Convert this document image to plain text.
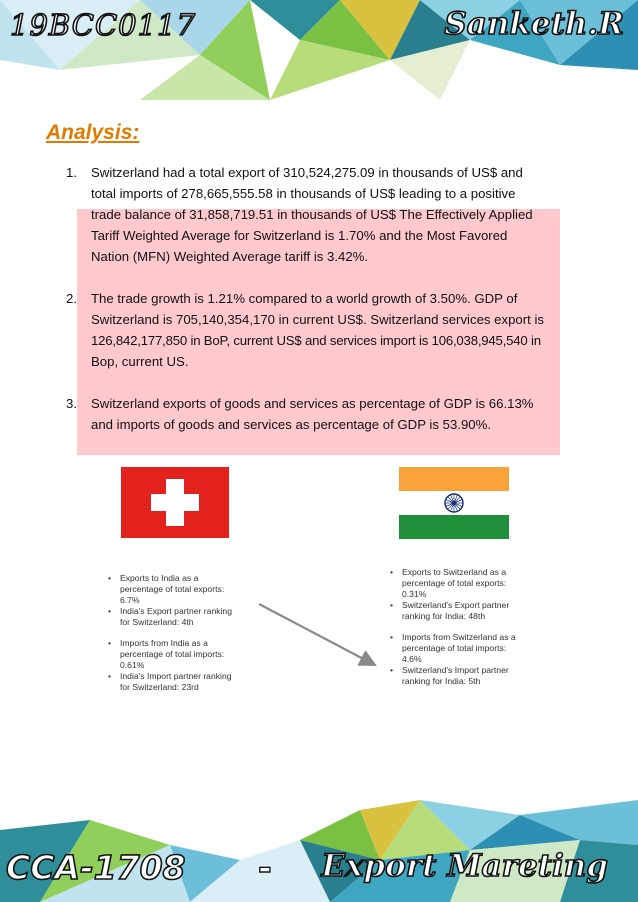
19BCC0117	Sanketh.R
Analysis:
1. Switzerland had a total export of 310,524,275.09 in thousands of US$ and
total imports of 278,665,555.58 in thousands of US$ leading to a positive
trade balance of 31,858,719.51 in thousands of US$ The Effectively Applied
Tariff Weighted Average for Switzerland is 1.70% and the Most Favored
Nation (MFN) Weighted Average tariff is 3.42%.
2. The trade growth is 1.21% compared to a world growth of 3.50%. GDP of
Switzerland is 705,140,354,170 in current US$. Switzerland services export is
126,842,177,850 in BoP, current US$ and services import is 106,038,945,540 in
Bop, current US.
3. Switzerland exports of goods and services as percentage of GDP is 66.13%
and imports of goods and services as percentage of GDP is 53.90%.
• Exports to India as a
percentage of total exports:
6.7%
• India's Export partner ranking
for Switzerland: 4th
• Imports from India as a
percentage of total imports:
0.61%
• India's Import partner ranking
for Switzerland: 23rd
• Exports to Switzerland as a
percentage of total exports:
0.31%
• Switzerland's Export partner
ranking for India: 48th
• Imports from Switzerland as a
percentage of total imports:
4.6%
• Switzerland's Import partner
ranking for India: 5th
CCA-1708 - Export Mareting
